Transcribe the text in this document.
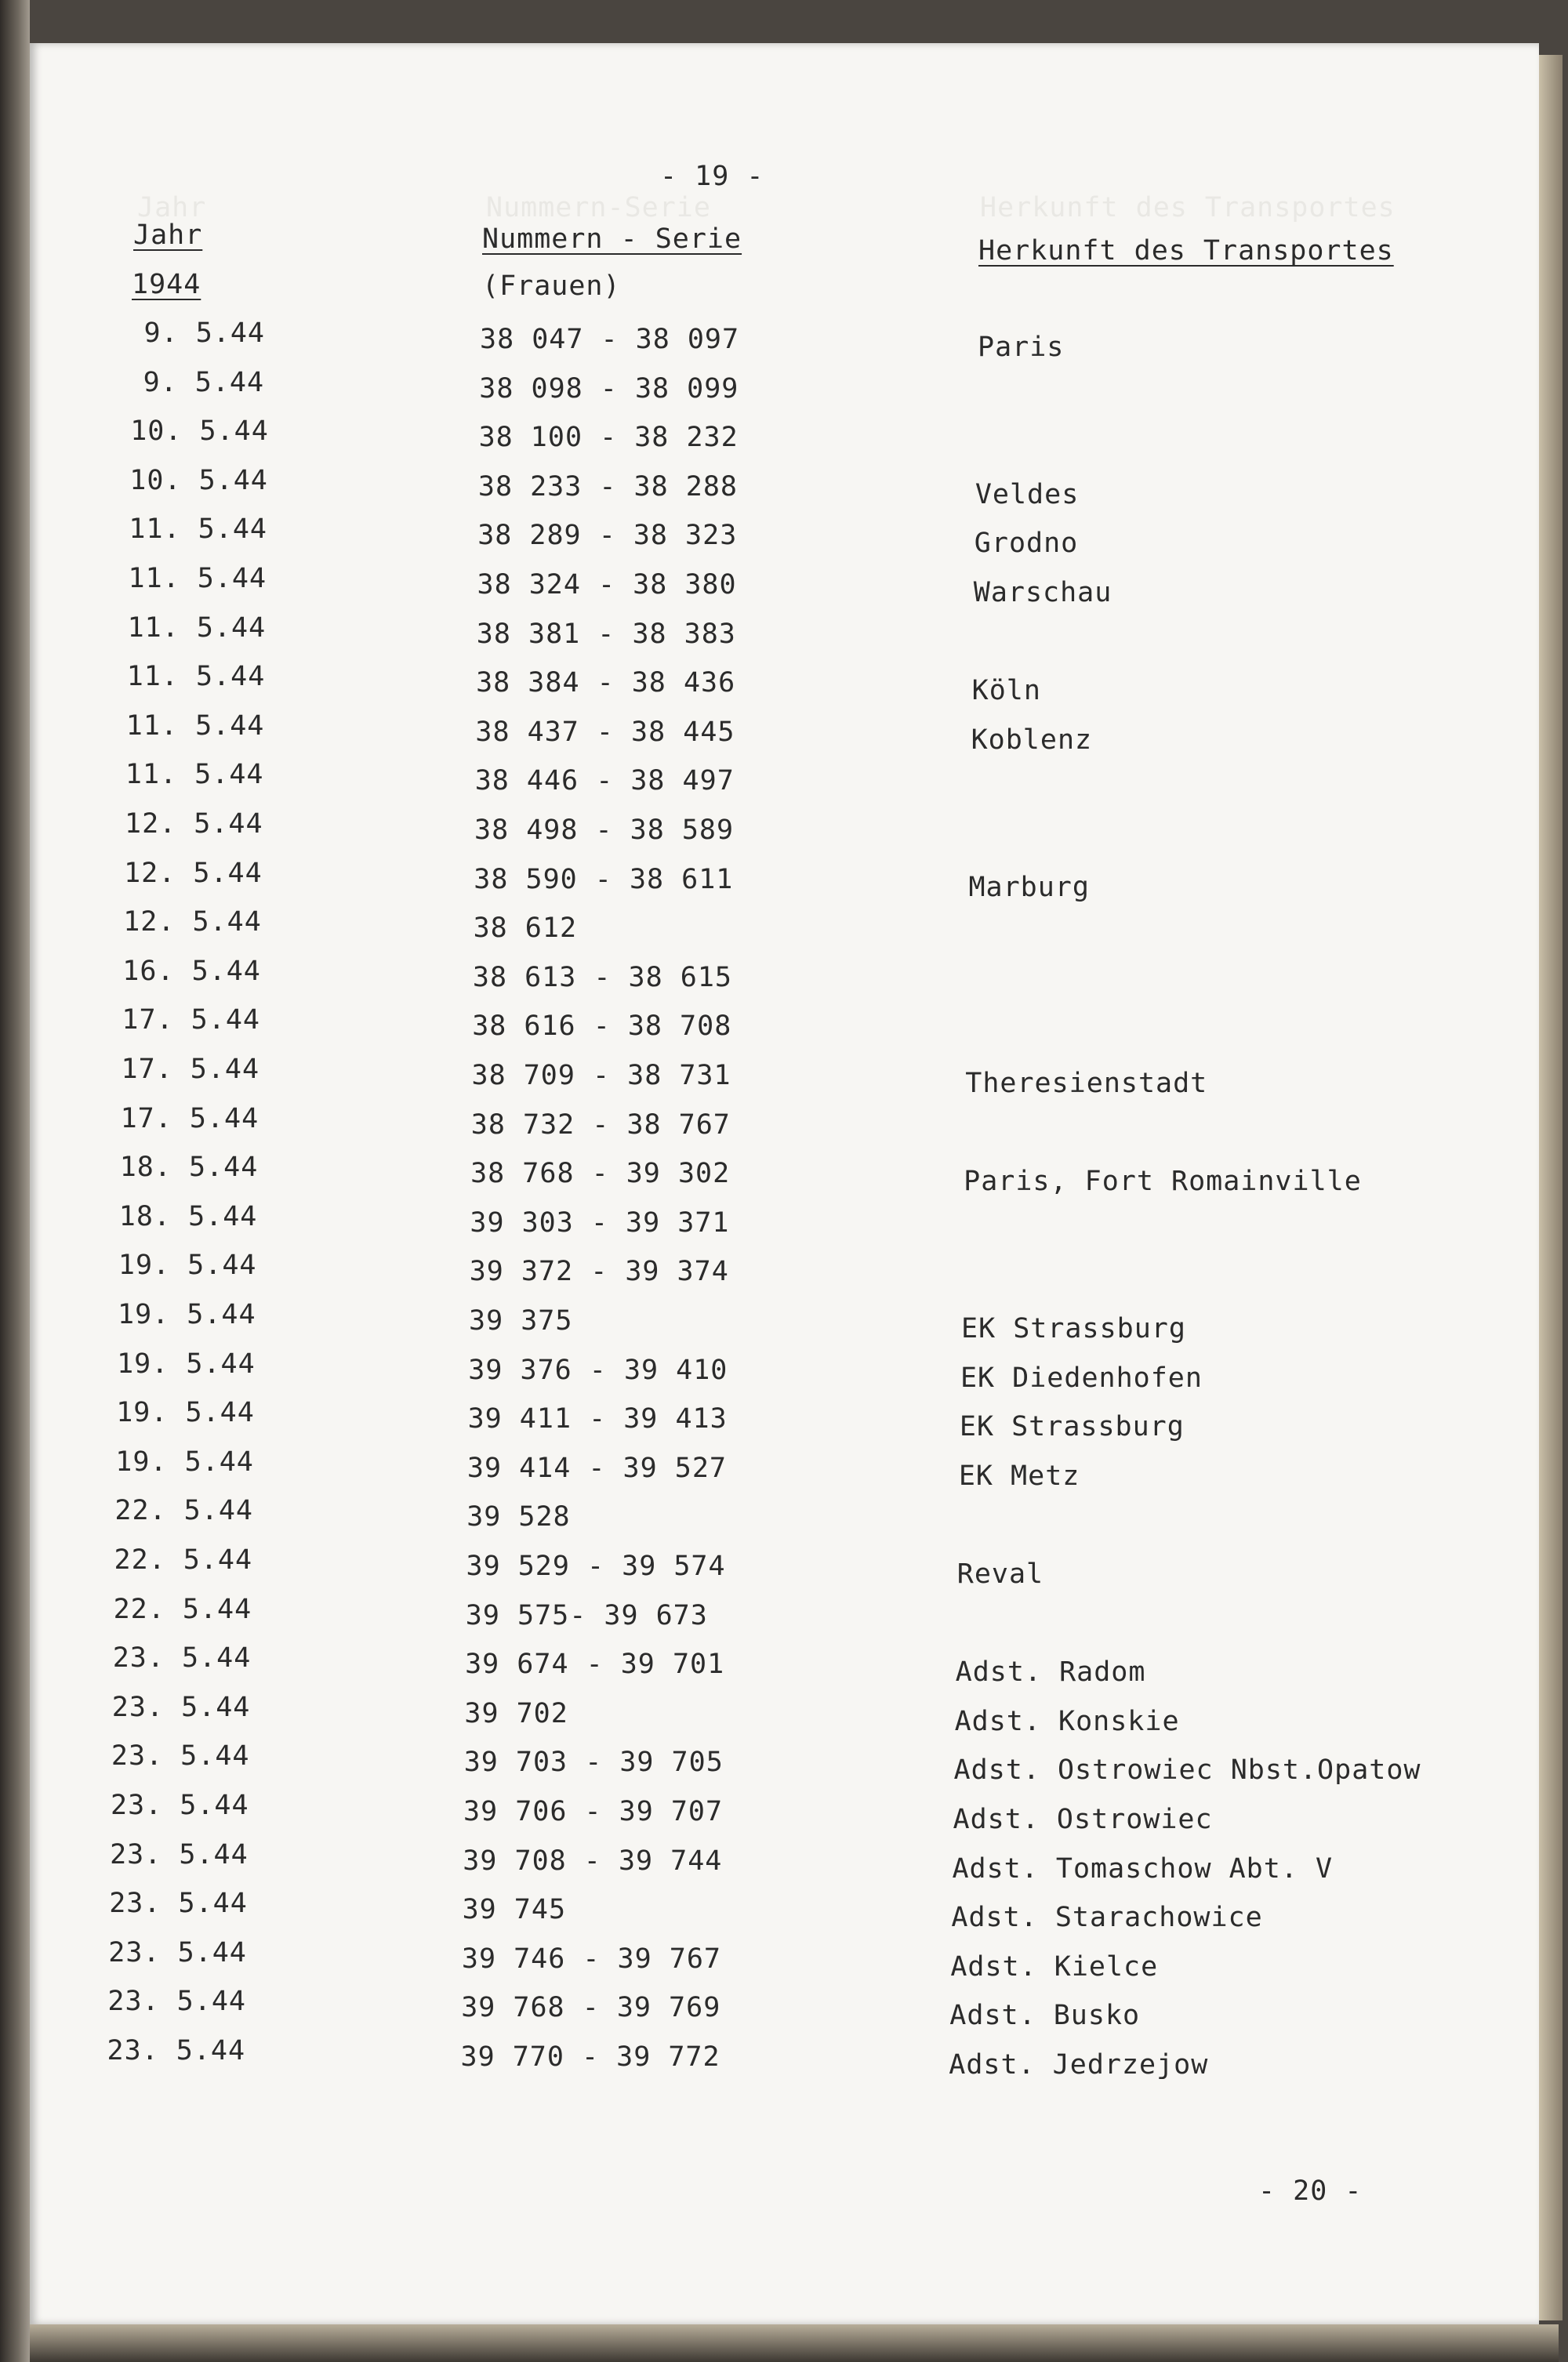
Jahr	Nummern-Serie	Herkunft des Transportes
- 19 -
Jahr	Nummern - Serie	Herkunft des Transportes
1944	(Frauen)
9. 5.44	38 047 - 38 097	Paris
9. 5.44	38 098 - 38 099
10. 5.44	38 100 - 38 232
10. 5.44	38 233 - 38 288	Veldes
11. 5.44	38 289 - 38 323	Grodno
11. 5.44	38 324 - 38 380	Warschau
11. 5.44	38 381 - 38 383
11. 5.44	38 384 - 38 436	Köln
11. 5.44	38 437 - 38 445	Koblenz
11. 5.44	38 446 - 38 497
12. 5.44	38 498 - 38 589
12. 5.44	38 590 - 38 611	Marburg
12. 5.44	38 612
16. 5.44	38 613 - 38 615
17. 5.44	38 616 - 38 708
17. 5.44	38 709 - 38 731	Theresienstadt
17. 5.44	38 732 - 38 767
18. 5.44	38 768 - 39 302	Paris, Fort Romainville
18. 5.44	39 303 - 39 371
19. 5.44	39 372 - 39 374
19. 5.44	39 375	EK Strassburg
19. 5.44	39 376 - 39 410	EK Diedenhofen
19. 5.44	39 411 - 39 413	EK Strassburg
19. 5.44	39 414 - 39 527	EK Metz
22. 5.44	39 528
22. 5.44	39 529 - 39 574	Reval
22. 5.44	39 575- 39 673
23. 5.44	39 674 - 39 701	Adst. Radom
23. 5.44	39 702	Adst. Konskie
23. 5.44	39 703 - 39 705	Adst. Ostrowiec Nbst.Opatow
23. 5.44	39 706 - 39 707	Adst. Ostrowiec
23. 5.44	39 708 - 39 744	Adst. Tomaschow Abt. V
23. 5.44	39 745	Adst. Starachowice
23. 5.44	39 746 - 39 767	Adst. Kielce
23. 5.44	39 768 - 39 769	Adst. Busko
23. 5.44	39 770 - 39 772	Adst. Jedrzejow
- 20 -
